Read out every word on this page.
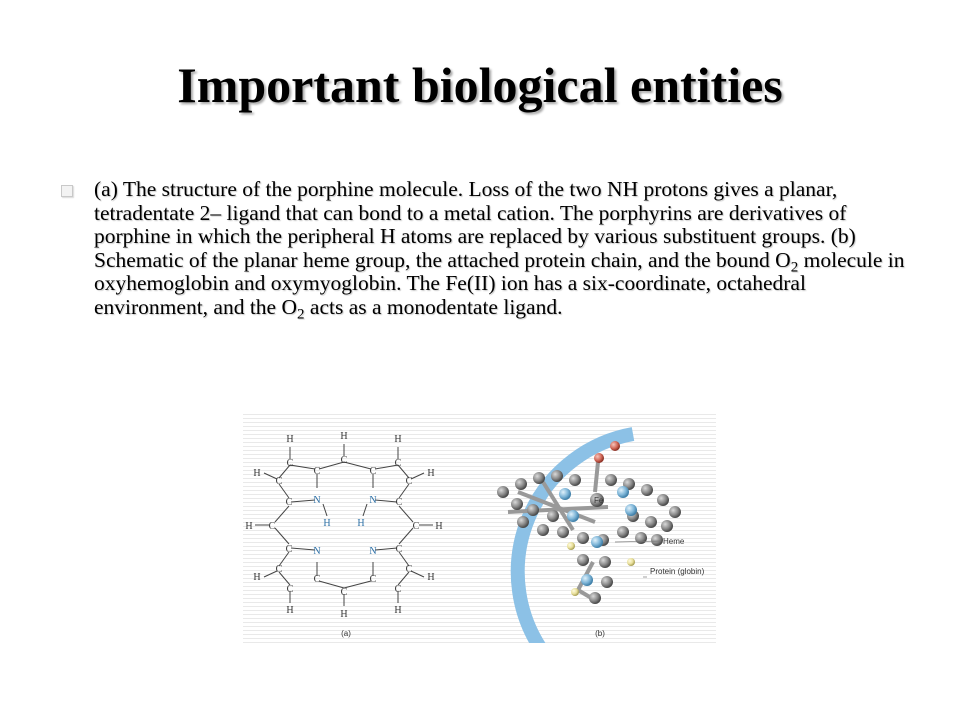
Important biological entities
(a) The structure of the porphine molecule. Loss of the two NH protons gives a planar, tetradentate 2– ligand that can bond to a metal cation. The porphyrins are derivatives of porphine in which the peripheral H atoms are replaced by various substituent groups. (b) Schematic of the planar heme group, the attached protein chain, and the bound $O_2$ molecule in oxyhemoglobin and oxymyoglobin. The Fe(II) ion has a six-coordinate, octahedral environment, and the $O_2$ acts as a monodentate ligand.
H	H	H
C	C	C
C	C
H	H
C	C
C	C
N	N
H	H
H C	C H
C	C
N	N
C	C
C	C
H	H
C	C	C
H	H	H
(a)
Heme
Protein (globin)
Fe
(b)
